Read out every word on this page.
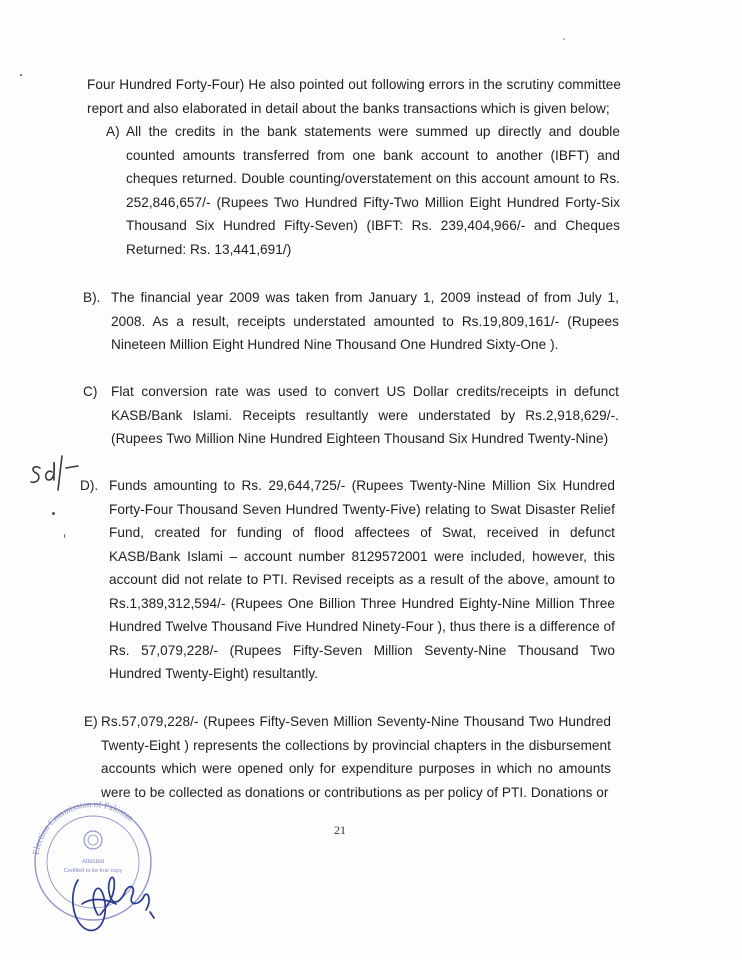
Four Hundred Forty-Four) He also pointed out following errors in the scrutiny committee report and also elaborated in detail about the banks transactions which is given below;
A) All the credits in the bank statements were summed up directly and double counted amounts transferred from one bank account to another (IBFT) and cheques returned. Double counting/overstatement on this account amount to Rs. 252,846,657/- (Rupees Two Hundred Fifty-Two Million Eight Hundred Forty-Six Thousand Six Hundred Fifty-Seven) (IBFT: Rs. 239,404,966/- and Cheques Returned: Rs. 13,441,691/)
B). The financial year 2009 was taken from January 1, 2009 instead of from July 1, 2008. As a result, receipts understated amounted to Rs.19,809,161/- (Rupees Nineteen Million Eight Hundred Nine Thousand One Hundred Sixty-One ).
C) Flat conversion rate was used to convert US Dollar credits/receipts in defunct KASB/Bank Islami. Receipts resultantly were understated by Rs.2,918,629/-. (Rupees Two Million Nine Hundred Eighteen Thousand Six Hundred Twenty-Nine)
D). Funds amounting to Rs. 29,644,725/- (Rupees Twenty-Nine Million Six Hundred Forty-Four Thousand Seven Hundred Twenty-Five) relating to Swat Disaster Relief Fund, created for funding of flood affectees of Swat, received in defunct KASB/Bank Islami – account number 8129572001 were included, however, this account did not relate to PTI. Revised receipts as a result of the above, amount to Rs.1,389,312,594/- (Rupees One Billion Three Hundred Eighty-Nine Million Three Hundred Twelve Thousand Five Hundred Ninety-Four ), thus there is a difference of Rs. 57,079,228/- (Rupees Fifty-Seven Million Seventy-Nine Thousand Two Hundred Twenty-Eight) resultantly.
E) Rs.57,079,228/- (Rupees Fifty-Seven Million Seventy-Nine Thousand Two Hundred Twenty-Eight ) represents the collections by provincial chapters in the disbursement accounts which were opened only for expenditure purposes in which no amounts were to be collected as donations or contributions as per policy of PTI. Donations or
21
Election Commission of Pakistan
Attested
Certified to be true copy
